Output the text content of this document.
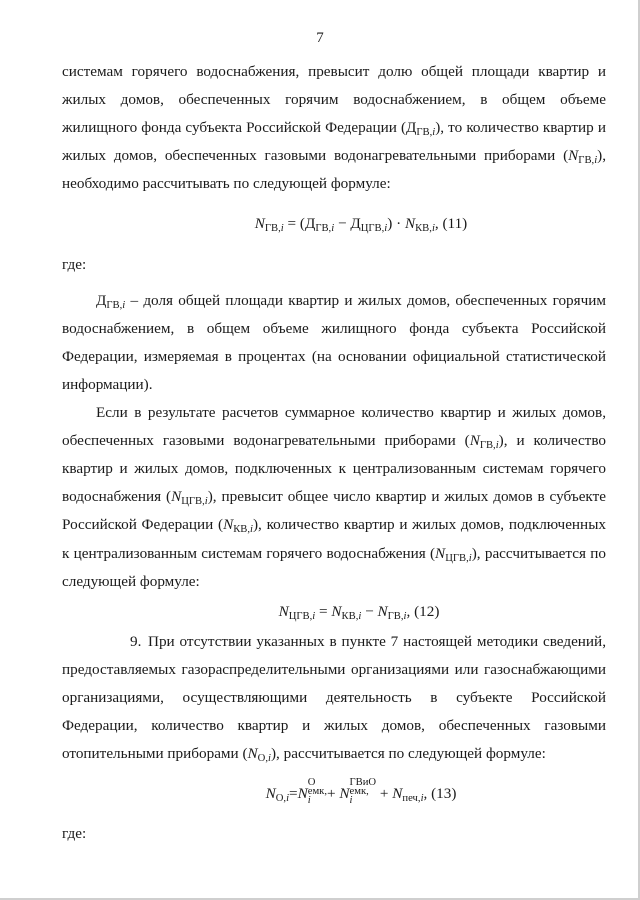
7

системам горячего водоснабжения, превысит долю общей площади квартир и жилых домов, обеспеченных горячим водоснабжением, в общем объеме жилищного фонда субъекта Российской Федерации $(Д_{ГВ,i})$, то количество квартир и жилых домов, обеспеченных газовыми водонагревательными приборами $(N_{ГВ,i})$, необходимо рассчитывать по следующей формуле:

$N_{ГВ,i} = (Д_{ГВ,i} - Д_{ЦГВ,i}) \cdot N_{КВ,i}$, (11)

где:

$Д_{ГВ,i}$ – доля общей площади квартир и жилых домов, обеспеченных горячим водоснабжением, в общем объеме жилищного фонда субъекта Российской Федерации, измеряемая в процентах (на основании официальной статистической информации).

Если в результате расчетов суммарное количество квартир и жилых домов, обеспеченных газовыми водонагревательными приборами $(N_{ГВ,i})$, и количество квартир и жилых домов, подключенных к централизованным системам горячего водоснабжения $(N_{ЦГВ,i})$, превысит общее число квартир и жилых домов в субъекте Российской Федерации $(N_{КВ,i})$, количество квартир и жилых домов, подключенных к централизованным системам горячего водоснабжения $(N_{ЦГВ,i})$, рассчитывается по следующей формуле:

$N_{ЦГВ,i} = N_{КВ,i} - N_{ГВ,i}$, (12)

9. При отсутствии указанных в пункте 7 настоящей методики сведений, предоставляемых газораспределительными организациями или газоснабжающими организациями, осуществляющими деятельность в субъекте Российской Федерации, количество квартир и жилых домов, обеспеченных газовыми отопительными приборами $(N_{O,i})$, рассчитывается по следующей формуле:

$N_{O,i}=N$
O
емк,
i	+ N
ГВиО
емк,
i	+ $N_{печ,i}$, (13)

где:
